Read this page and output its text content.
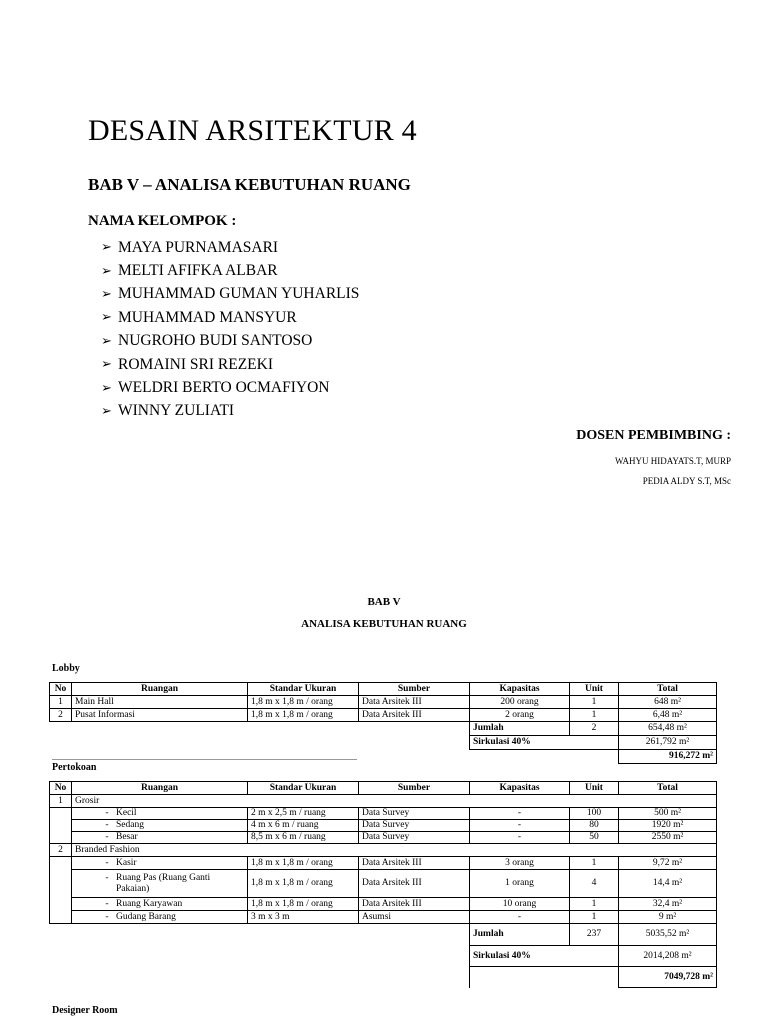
DESAIN ARSITEKTUR 4
BAB V – ANALISA KEBUTUHAN RUANG
NAMA KELOMPOK :
➢ MAYA PURNAMASARI
➢ MELTI AFIFKA ALBAR
➢ MUHAMMAD GUMAN YUHARLIS
➢ MUHAMMAD MANSYUR
➢ NUGROHO BUDI SANTOSO
➢ ROMAINI SRI REZEKI
➢ WELDRI BERTO OCMAFIYON
➢ WINNY ZULIATI
DOSEN PEMBIMBING :
WAHYU HIDAYATS.T, MURP
PEDIA ALDY S.T, MSc
BAB V
ANALISA KEBUTUHAN RUANG
Lobby
No	Ruangan	Standar Ukuran	Sumber	Kapasitas	Unit	Total
1	Main Hall	1,8 m x 1,8 m / orang	Data Arsitek III	200 orang	1	648 m²
2	Pusat Informasi	1,8 m x 1,8 m / orang	Data Arsitek III	2 orang	1	6,48 m²
				Jumlah	2	654,48 m²
				Sirkulasi 40%		261,792 m²
						916,272 m²
Pertokoan
No	Ruangan	Standar Ukuran	Sumber	Kapasitas	Unit	Total
1	Grosir					
	- Kecil	2 m x 2,5 m / ruang	Data Survey	-	100	500 m²
	- Sedang	4 m x 6 m / ruang	Data Survey	-	80	1920 m²
	- Besar	8,5 m x 6 m / ruang	Data Survey	-	50	2550 m²
2	Branded Fashion					
	- Kasir	1,8 m x 1,8 m / orang	Data Arsitek III	3 orang	1	9,72 m²

	- Ruang Pas (Ruang Ganti Pakaian)	1,8 m x 1,8 m / orang	Data Arsitek III	1 orang	4	14,4 m²
	- Ruang Karyawan	1,8 m x 1,8 m / orang	Data Arsitek III	10 orang	1	32,4 m²
	- Gudang Barang	3 m x 3 m	Asumsi	-	1	9 m²
				Jumlah	237	5035,52 m²
				Sirkulasi 40%		2014,208 m²
						7049,728 m²
Designer Room
